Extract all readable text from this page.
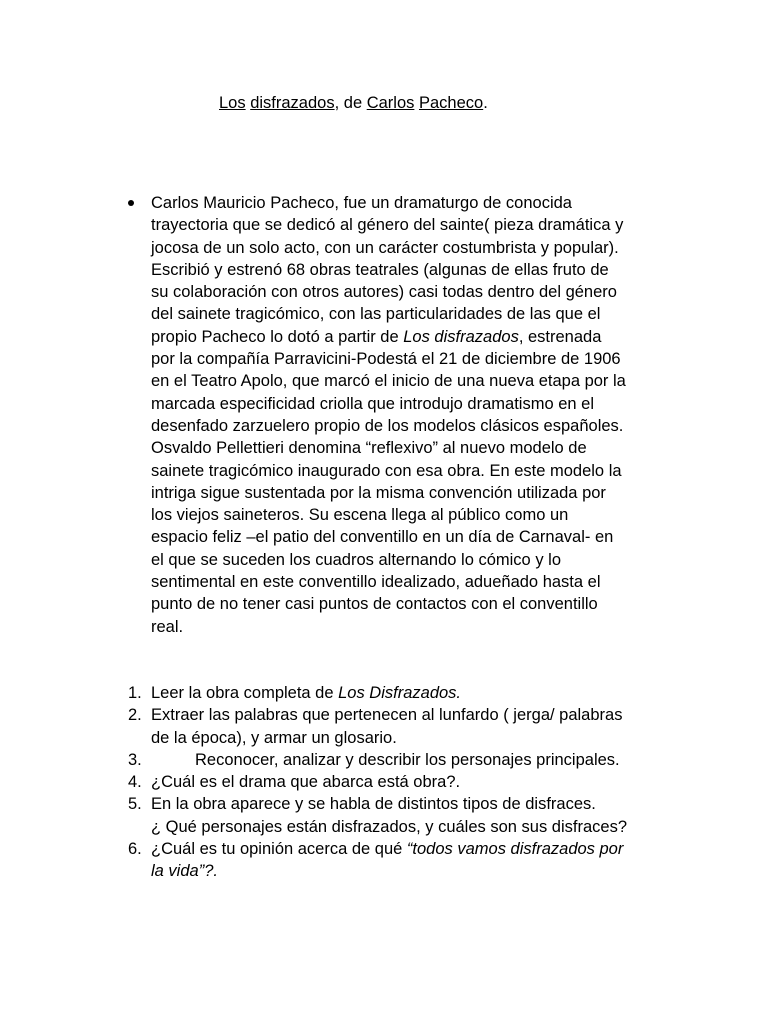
Los disfrazados, de Carlos Pacheco.
Carlos Mauricio Pacheco, fue un dramaturgo de conocida
trayectoria que se dedicó al género del sainte( pieza dramática y
jocosa de un solo acto, con un carácter costumbrista y popular).
Escribió y estrenó 68 obras teatrales (algunas de ellas fruto de
su colaboración con otros autores) casi todas dentro del género
del sainete tragicómico, con las particularidades de las que el
propio Pacheco lo dotó a partir de Los disfrazados, estrenada
por la compañía Parravicini-Podestá el 21 de diciembre de 1906
en el Teatro Apolo, que marcó el inicio de una nueva etapa por la
marcada especificidad criolla que introdujo dramatismo en el
desenfado zarzuelero propio de los modelos clásicos españoles.
Osvaldo Pellettieri denomina “reflexivo” al nuevo modelo de
sainete tragicómico inaugurado con esa obra. En este modelo la
intriga sigue sustentada por la misma convención utilizada por
los viejos saineteros. Su escena llega al público como un
espacio feliz –el patio del conventillo en un día de Carnaval- en
el que se suceden los cuadros alternando lo cómico y lo
sentimental en este conventillo idealizado, adueñado hasta el
punto de no tener casi puntos de contactos con el conventillo
real.
1. Leer la obra completa de Los Disfrazados.
2. Extraer las palabras que pertenecen al lunfardo ( jerga/ palabras
de la época), y armar un glosario.
3.	Reconocer, analizar y describir los personajes principales.
4. ¿Cuál es el drama que abarca está obra?.
5. En la obra aparece y se habla de distintos tipos de disfraces.
¿ Qué personajes están disfrazados, y cuáles son sus disfraces?
6. ¿Cuál es tu opinión acerca de qué “todos vamos disfrazados por
la vida”?.
